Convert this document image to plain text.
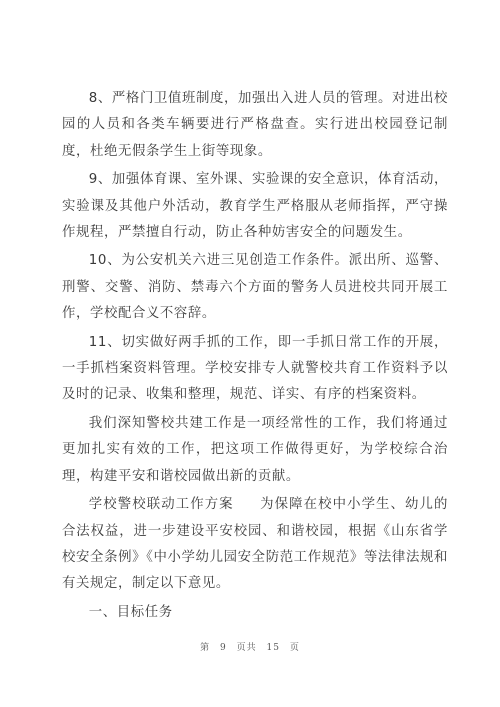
8、严格门卫值班制度，加强出入进人员的管理。对进出校园的人员和各类车辆要进行严格盘查。实行进出校园登记制度，杜绝无假条学生上街等现象。

9、加强体育课、室外课、实验课的安全意识，体育活动，实验课及其他户外活动，教育学生严格服从老师指挥，严守操作规程，严禁擅自行动，防止各种妨害安全的问题发生。

10、为公安机关六进三见创造工作条件。派出所、巡警、刑警、交警、消防、禁毒六个方面的警务人员进校共同开展工作，学校配合义不容辞。

11、切实做好两手抓的工作，即一手抓日常工作的开展，一手抓档案资料管理。学校安排专人就警校共育工作资料予以及时的记录、收集和整理，规范、详实、有序的档案资料。

我们深知警校共建工作是一项经常性的工作，我们将通过更加扎实有效的工作，把这项工作做得更好，为学校综合治理，构建平安和谐校园做出新的贡献。

学校警校联动工作方案 为保障在校中小学生、幼儿的合法权益，进一步建设平安校园、和谐校园，根据《山东省学校安全条例》《中小学幼儿园安全防范工作规范》等法律法规和有关规定，制定以下意见。

一、目标任务

第 9 页共 15 页
